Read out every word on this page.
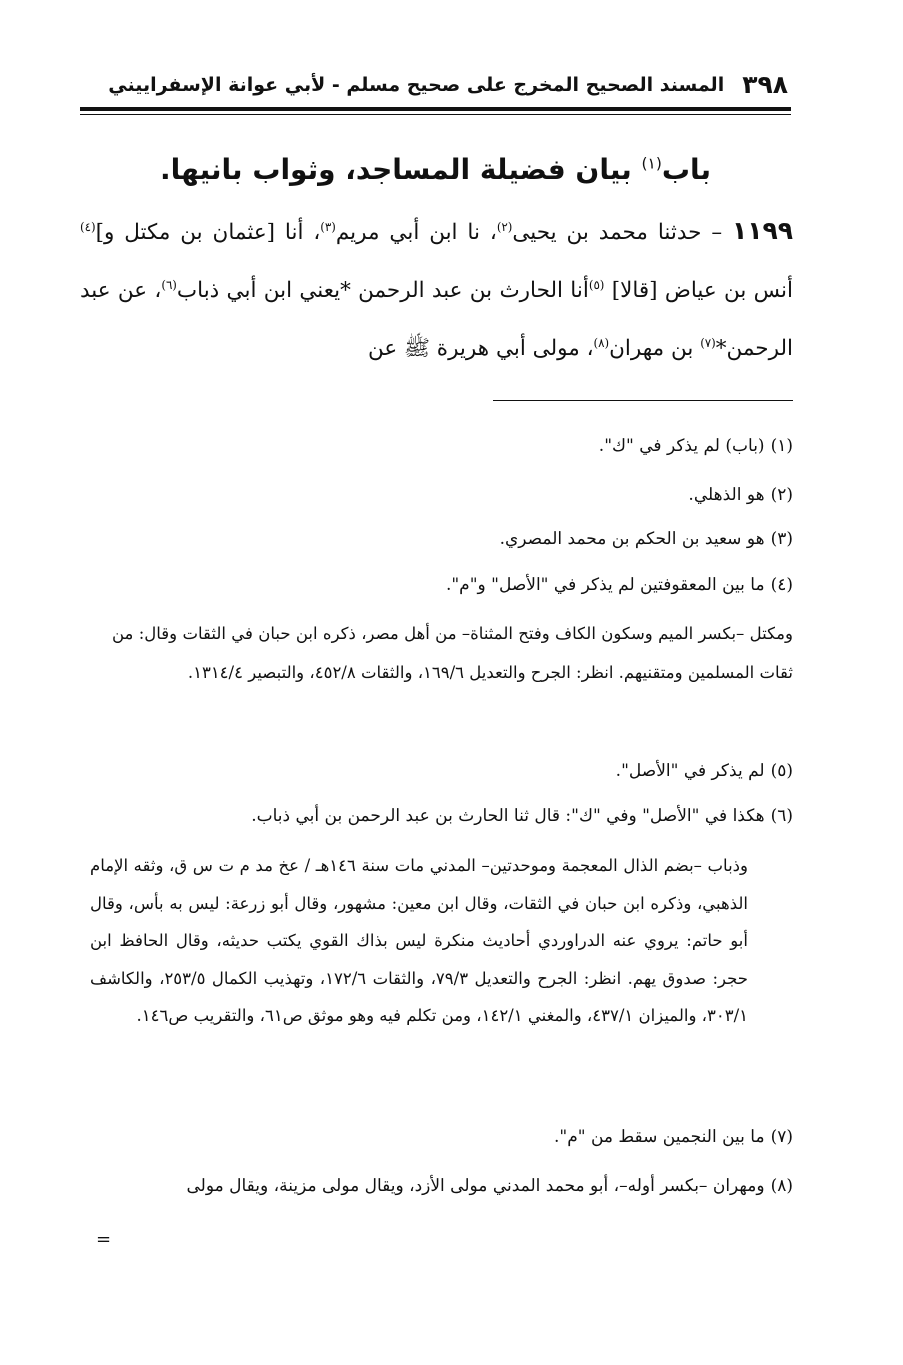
٣٩٨
المسند الصحيح المخرج على صحيح مسلم - لأبي عوانة الإسفراييني
باب$^{(١)}$ بيان فضيلة المساجد، وثواب بانيها.
١١٩٩ – حدثنا محمد بن يحيى$^{(٢)}$، نا ابن أبي مريم$^{(٣)}$، أنا [عثمان بن مكتل و]$^{(٤)}$ أنس بن عياض [قالا] $^{(٥)}$أنا الحارث بن عبد الرحمن *يعني ابن أبي ذباب$^{(٦)}$، عن عبد الرحمن*$^{(٧)}$ بن مهران$^{(٨)}$، مولى أبي هريرة ﷺ عن
(١)(باب) لم يذكر في "ك".
(٢)هو الذهلي.
(٣)هو سعيد بن الحكم بن محمد المصري.
(٤)ما بين المعقوفتين لم يذكر في "الأصل" و"م".
ومكتل –بكسر الميم وسكون الكاف وفتح المثناة– من أهل مصر، ذكره ابن حبان في الثقات وقال: من ثقات المسلمين ومتقنيهم. انظر: الجرح والتعديل ١٦٩/٦، والثقات ٤٥٢/٨، والتبصير ١٣١٤/٤.
(٥)لم يذكر في "الأصل".
(٦)هكذا في "الأصل" وفي "ك": قال ثنا الحارث بن عبد الرحمن بن أبي ذباب.
وذباب –بضم الذال المعجمة وموحدتين– المدني مات سنة ١٤٦هـ / عخ مد م ت س ق، وثقه الإمام الذهبي، وذكره ابن حبان في الثقات، وقال ابن معين: مشهور، وقال أبو زرعة: ليس به بأس، وقال أبو حاتم: يروي عنه الدراوردي أحاديث منكرة ليس بذاك القوي يكتب حديثه، وقال الحافظ ابن حجر: صدوق يهم. انظر: الجرح والتعديل ٧٩/٣، والثقات ١٧٢/٦، وتهذيب الكمال ٢٥٣/٥، والكاشف ٣٠٣/١، والميزان ٤٣٧/١، والمغني ١٤٢/١، ومن تكلم فيه وهو موثق ص٦١، والتقريب ص١٤٦.
(٧)ما بين النجمين سقط من "م".
(٨)ومهران –بكسر أوله–، أبو محمد المدني مولى الأزد، ويقال مولى مزينة، ويقال مولى
=
